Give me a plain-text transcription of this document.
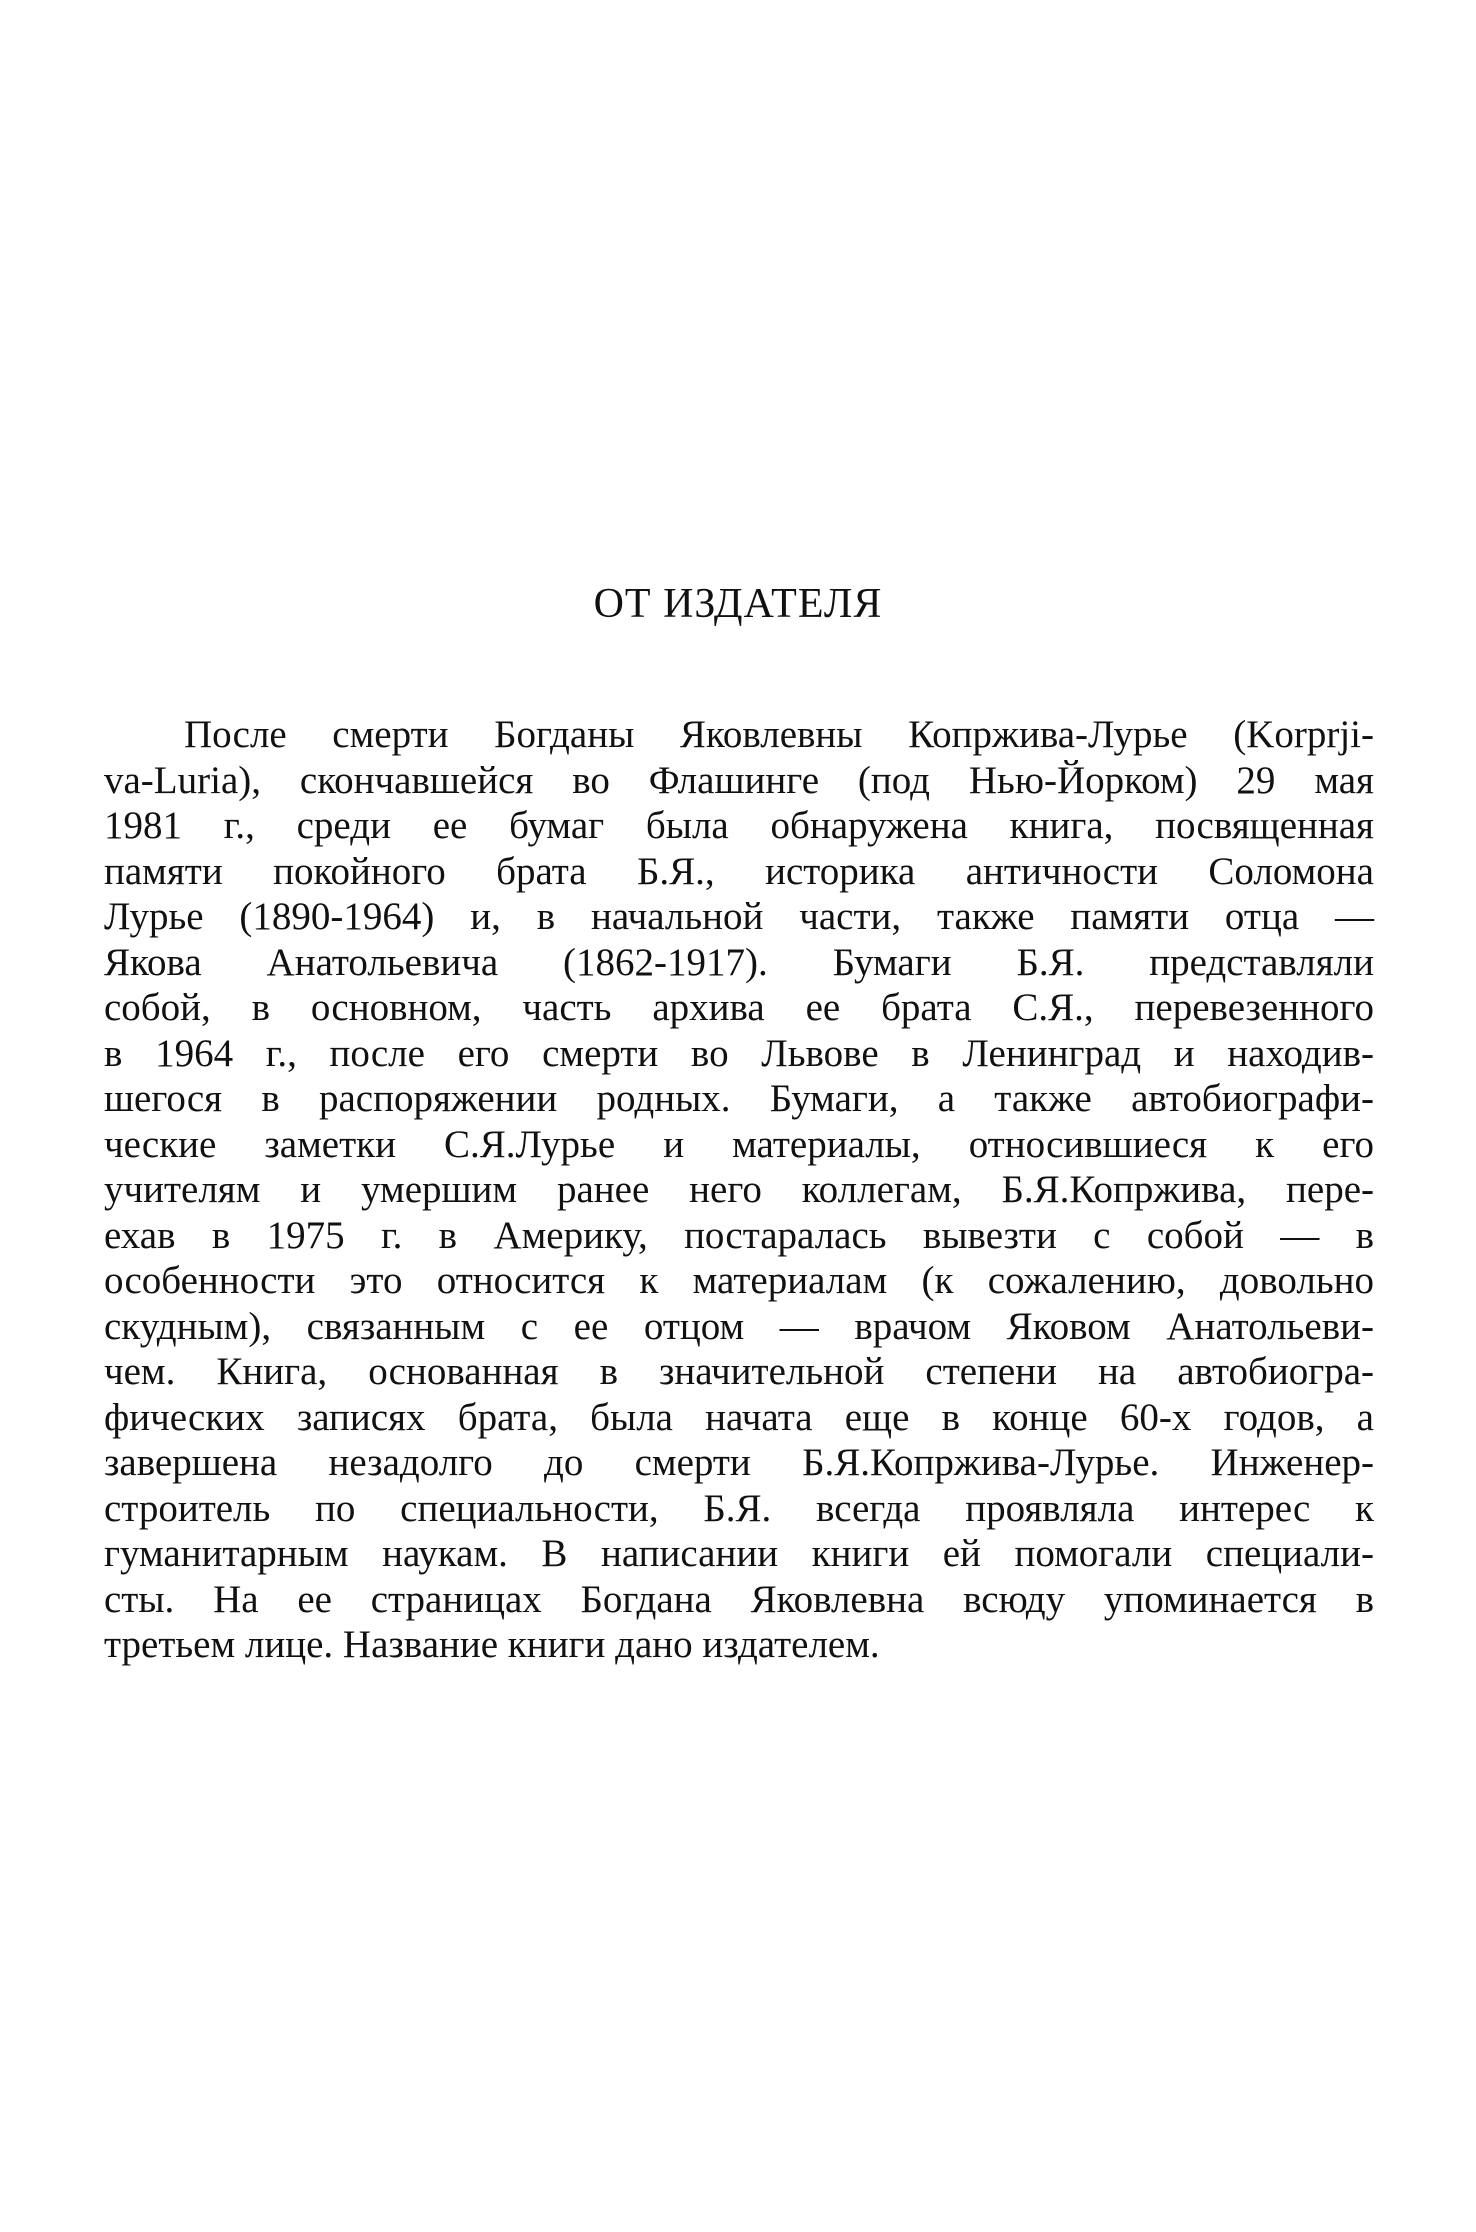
ОТ ИЗДАТЕЛЯ
После смерти Богданы Яковлевны Копржива-Лурье (Korprji-
va-Luria), скончавшейся во Флашинге (под Нью-Йорком) 29 мая
1981 г., среди ее бумаг была обнаружена книга, посвященная
памяти покойного брата Б.Я., историка античности Соломона
Лурье (1890-1964) и, в начальной части, также памяти отца —
Якова Анатольевича (1862-1917). Бумаги Б.Я. представляли
собой, в основном, часть архива ее брата С.Я., перевезенного
в 1964 г., после его смерти во Львове в Ленинград и находив-
шегося в распоряжении родных. Бумаги, а также автобиографи-
ческие заметки С.Я.Лурье и материалы, относившиеся к его
учителям и умершим ранее него коллегам, Б.Я.Копржива, пере-
ехав в 1975 г. в Америку, постаралась вывезти с собой — в
особенности это относится к материалам (к сожалению, довольно
скудным), связанным с ее отцом — врачом Яковом Анатольеви-
чем. Книга, основанная в значительной степени на автобиогра-
фических записях брата, была начата еще в конце 60-х годов, а
завершена незадолго до смерти Б.Я.Копржива-Лурье. Инженер-
строитель по специальности, Б.Я. всегда проявляла интерес к
гуманитарным наукам. В написании книги ей помогали специали-
сты. На ее страницах Богдана Яковлевна всюду упоминается в
третьем лице. Название книги дано издателем.
